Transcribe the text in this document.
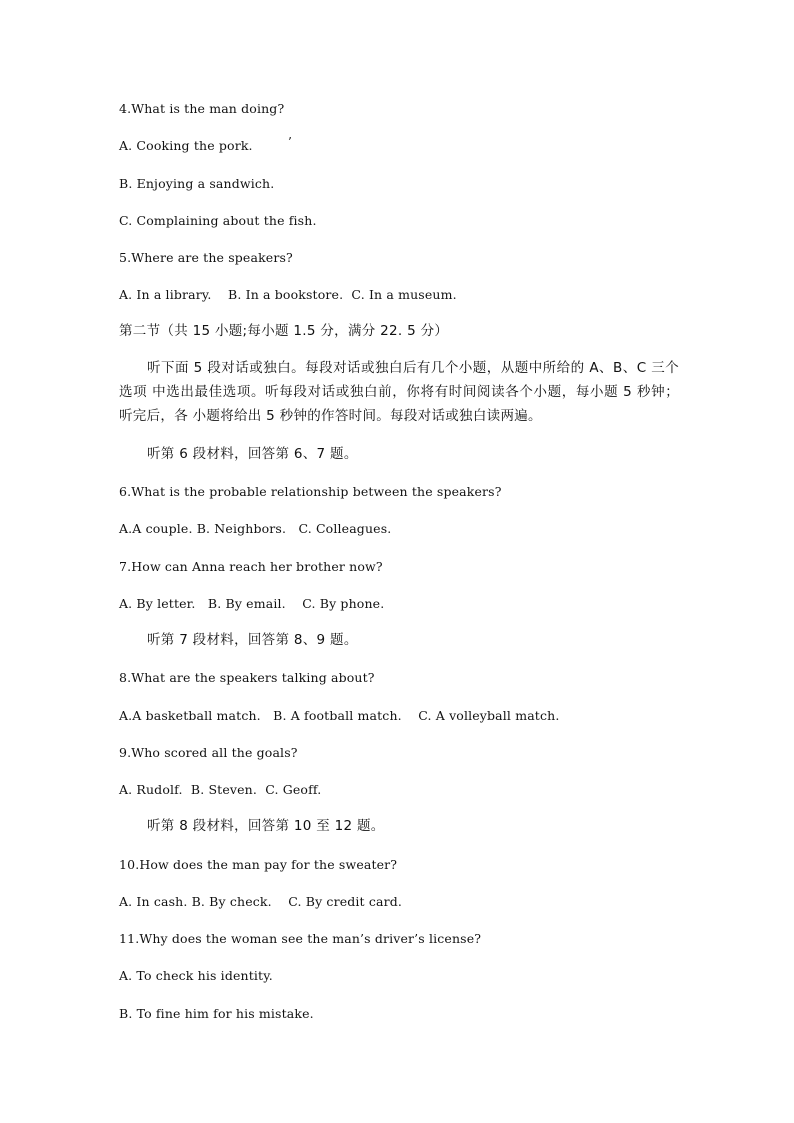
4.What is the man doing?
A. Cooking the pork.	’
B. Enjoying a sandwich.
C. Complaining about the fish.
5.Where are the speakers?
A. In a library.    B. In a bookstore.  C. In a museum.
第二节（共 15 小题;每小题 1.5 分，满分 22. 5 分）
听下面 5 段对话或独白。每段对话或独白后有几个小题，从题中所给的 A、B、C 三个选项 中选出最佳选项。听每段对话或独白前，你将有时间阅读各个小题，每小题 5 秒钟；听完后，各 小题将给出 5 秒钟的作答时间。每段对话或独白读两遍。
听第 6 段材料，回答第 6、7 题。
6.What is the probable relationship between the speakers?
A.A couple. B. Neighbors.   C. Colleagues.
7.How can Anna reach her brother now?
A. By letter.   B. By email.    C. By phone.
听第 7 段材料，回答第 8、9 题。
8.What are the speakers talking about?
A.A basketball match.   B. A football match.    C. A volleyball match.
9.Who scored all the goals?
A. Rudolf.  B. Steven.  C. Geoff.
听第 8 段材料，回答第 10 至 12 题。
10.How does the man pay for the sweater?
A. In cash. B. By check.    C. By credit card.
11.Why does the woman see the man’s driver’s license?
A. To check his identity.
B. To fine him for his mistake.
